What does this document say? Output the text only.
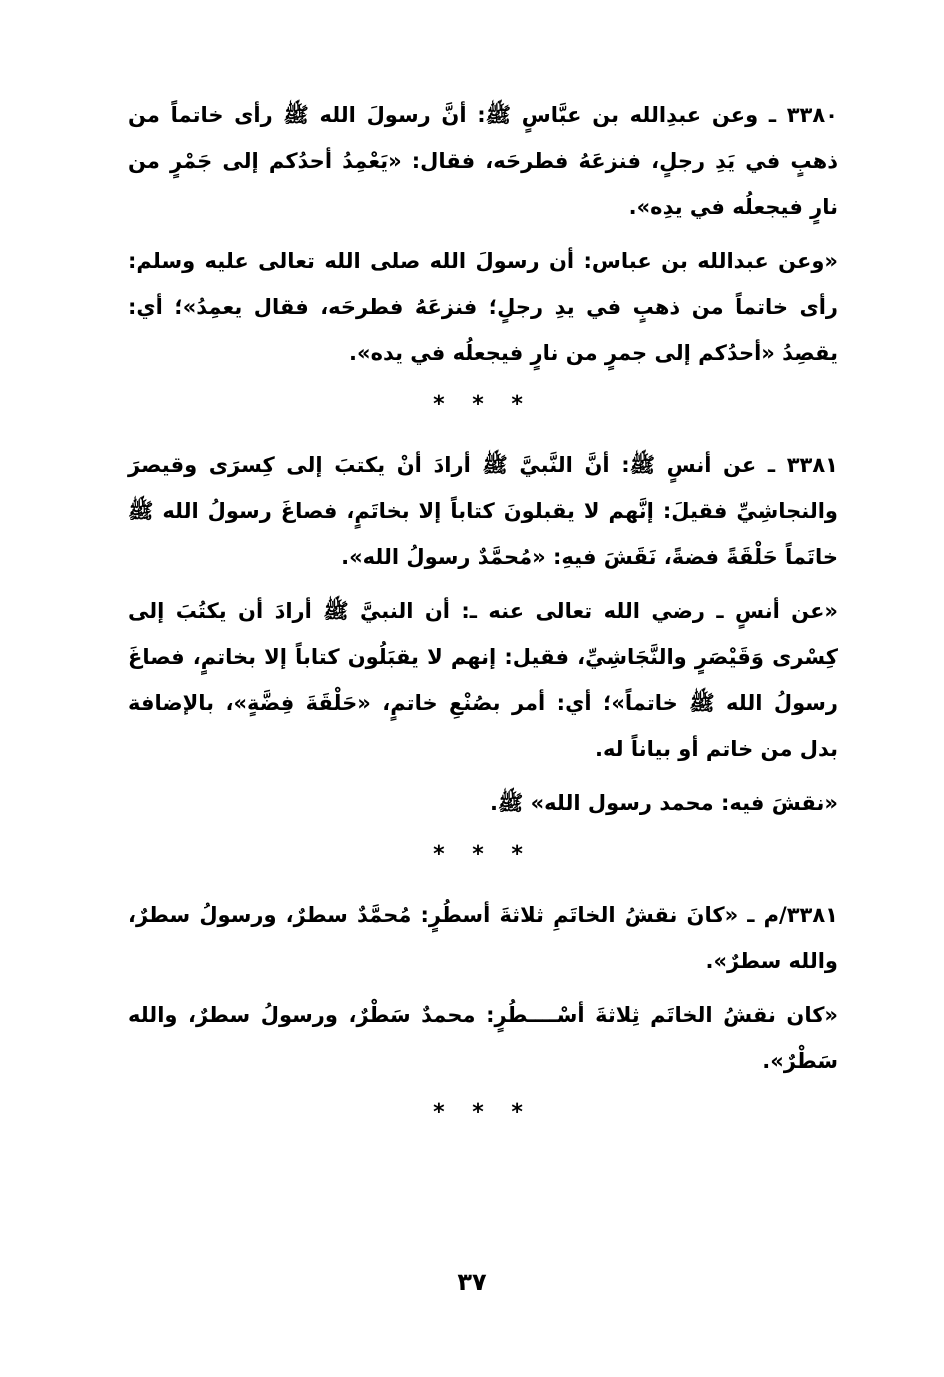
٣٣٨٠ ـ وعن عبدِالله بن عبَّاسٍ ﷺ: أنَّ رسولَ الله ﷺ رأى خاتماً من ذهبٍ في يَدِ رجلٍ، فنزعَهُ فطرحَه، فقال: «يَعْمِدُ أحدُكم إلى جَمْرٍ من نارٍ فيجعلُه في يدِه».

«وعن عبدالله بن عباس: أن رسولَ الله صلى الله تعالى عليه وسلم: رأى خاتماً من ذهبٍ في يدِ رجلٍ؛ فنزعَهُ فطرحَه، فقال يعمِدُ»؛ أي: يقصِدُ «أحدُكم إلى جمرٍ من نارٍ فيجعلُه في يده».

* * *

٣٣٨١ ـ عن أنسٍ ﷺ: أنَّ النَّبيَّ ﷺ أرادَ أنْ يكتبَ إلى كِسرَى وقيصرَ والنجاشِيِّ فقيلَ: إنَّهم لا يقبلونَ كتاباً إلا بخاتَمٍ، فصاغَ رسولُ الله ﷺ خاتَماً حَلْقَةً فضةً، نَقَشَ فيهِ: «مُحمَّدٌ رسولُ الله».

«عن أنسٍ ـ رضي الله تعالى عنه ـ: أن النبيَّ ﷺ أرادَ أن يكتُبَ إلى كِسْرى وَقَيْصَرٍ والنَّجَاشِيِّ، فقيل: إنهم لا يقبَلُون كتاباً إلا بخاتمٍ، فصاغَ رسولُ الله ﷺ خاتماً»؛ أي: أمر بصُنْعِ خاتمٍ، «حَلْقَةَ فِضَّةٍ»، بالإضافة بدل من خاتم أو بياناً له.

«نقشَ فيه: محمد رسول الله» ﷺ.

* * *

٣٣٨١/م ـ «كانَ نقشُ الخاتَمِ ثلاثةَ أسطُرٍ: مُحمَّدٌ سطرٌ، ورسولُ سطرٌ، والله سطرٌ».

«كان نقشُ الخاتَم ثِلاثةَ أسْــــطُرٍ: محمدٌ سَطْرٌ، ورسولُ سطرٌ، والله سَطْرٌ».

* * *
٣٧
